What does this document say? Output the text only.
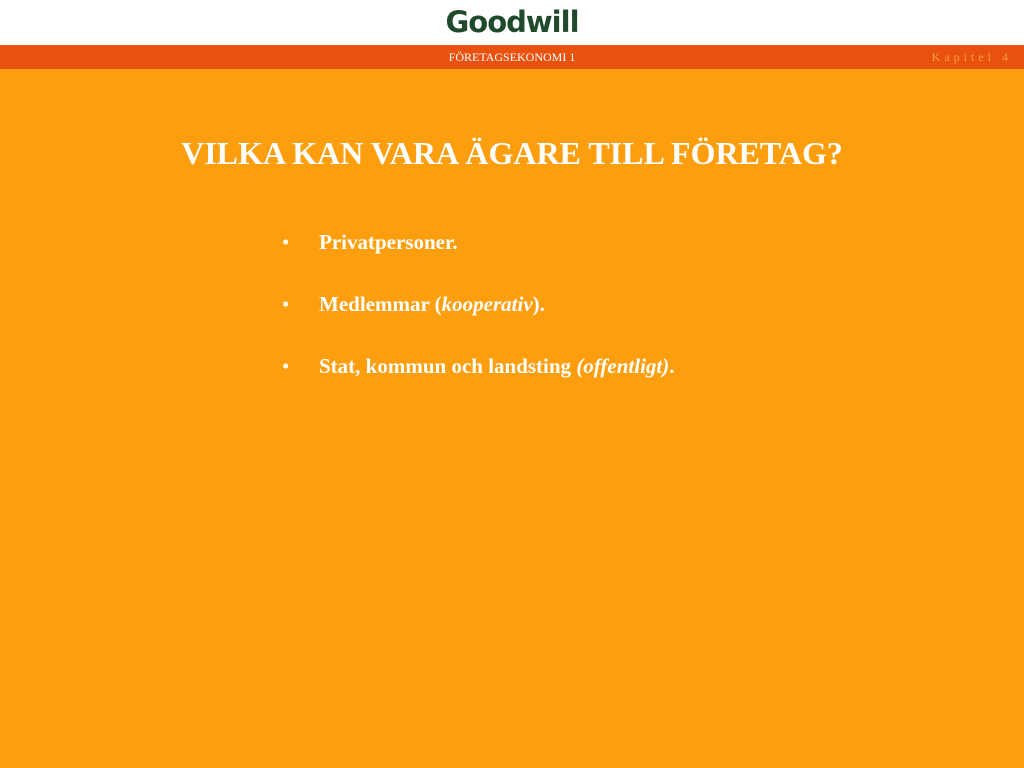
Goodwill
FÖRETAGSEKONOMI 1	Kapitel 4
VILKA KAN VARA ÄGARE TILL FÖRETAG?
• Privatpersoner.
• Medlemmar (kooperativ).
• Stat, kommun och landsting (offentligt).
